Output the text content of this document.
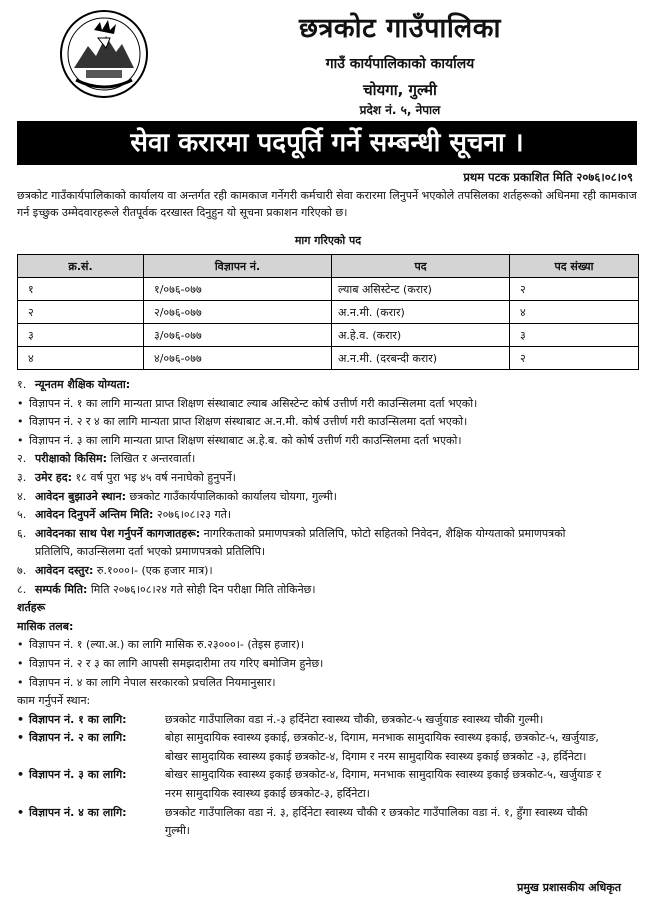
छत्रकोट गाउँपालिका
गाउँ कार्यपालिकाको कार्यालय
चोयगा, गुल्मी
प्रदेश नं. ५, नेपाल
सेवा करारमा पदपूर्ति गर्ने सम्बन्धी सूचना ।
प्रथम पटक प्रकाशित मिति २०७६।०८।०९
छत्रकोट गाउँकार्यपालिकाको कार्यालय वा अन्तर्गत रही कामकाज गर्नेगरी कर्मचारी सेवा करारमा लिनुपर्ने भएकोले तपसिलका शर्तहरूको अधिनमा रही कामकाज गर्न इच्छुक उम्मेदवारहरूले रीतपूर्वक दरखास्त दिनुहुन यो सूचना प्रकाशन गरिएको छ।
माग गरिएको पद
क्र.सं.	विज्ञापन नं.	पद	पद संख्या
१	१/०७६-०७७	ल्याब असिस्टेन्ट (करार)	२
२	२/०७६-०७७	अ.न.मी. (करार)	४
३	३/०७६-०७७	अ.हे.व. (करार)	३
४	४/०७६-०७७	अ.न.मी. (दरबन्दी करार)	२
१. न्यूनतम शैक्षिक योग्यता:
• विज्ञापन नं. १ का लागि मान्यता प्राप्त शिक्षण संस्थाबाट ल्याब असिस्टेन्ट कोर्ष उत्तीर्ण गरी काउन्सिलमा दर्ता भएको।
• विज्ञापन नं. २ र ४ का लागि मान्यता प्राप्त शिक्षण संस्थाबाट अ.न.मी. कोर्ष उत्तीर्ण गरी काउन्सिलमा दर्ता भएको।
• विज्ञापन नं. ३ का लागि मान्यता प्राप्त शिक्षण संस्थाबाट अ.हे.ब. को कोर्ष उत्तीर्ण गरी काउन्सिलमा दर्ता भएको।
२. परीक्षाको किसिम: लिखित र अन्तरवार्ता।
३. उमेर हद: १८ वर्ष पुरा भइ ४५ वर्ष ननाघेको हुनुपर्ने।
४. आवेदन बुझाउने स्थान: छत्रकोट गाउँकार्यपालिकाको कार्यालय चोयगा, गुल्मी।
५. आवेदन दिनुपर्ने अन्तिम मिति: २०७६।०८।२३ गते।
६. आवेदनका साथ पेश गर्नुपर्ने कागजातहरू: नागरिकताको प्रमाणपत्रको प्रतिलिपि, फोटो सहितको निवेदन, शैक्षिक योग्यताको प्रमाणपत्रको
प्रतिलिपि, काउन्सिलमा दर्ता भएको प्रमाणपत्रको प्रतिलिपि।
७. आवेदन दस्तुर: रु.१०००।- (एक हजार मात्र)।
८. सम्पर्क मिति: मिति २०७६।०८।२४ गते सोही दिन परीक्षा मिति तोकिनेछ।
शर्तहरू
मासिक तलब:
• विज्ञापन नं. १ (ल्या.अ.) का लागि मासिक रु.२३०००।- (तेइस हजार)।
• विज्ञापन नं. २ र ३ का लागि आपसी समझदारीमा तय गरिए बमोजिम हुनेछ।
• विज्ञापन नं. ४ का लागि नेपाल सरकारको प्रचलित नियमानुसार।
काम गर्नुपर्ने स्थान:
• विज्ञापन नं. १ का लागि:	छत्रकोट गाउँपालिका वडा नं.-३ हर्दिनेटा स्वास्थ्य चौकी, छत्रकोट-५ खर्जुयाङ स्वास्थ्य चौकी गुल्मी।
• विज्ञापन नं. २ का लागि:	बोहा सामुदायिक स्वास्थ्य इकाई, छत्रकोट-४, दिगाम, मनभाक सामुदायिक स्वास्थ्य इकाई, छत्रकोट-५, खर्जुयाङ,
बोखर सामुदायिक स्वास्थ्य इकाई छत्रकोट-४, दिगाम र नरम सामुदायिक स्वास्थ्य इकाई छत्रकोट -३, हर्दिनेटा।
• विज्ञापन नं. ३ का लागि:	बोखर सामुदायिक स्वास्थ्य इकाई छत्रकोट-४, दिगाम, मनभाक सामुदायिक स्वास्थ्य इकाई छत्रकोट-५, खर्जुयाङ र
नरम सामुदायिक स्वास्थ्य इकाई छत्रकोट-३, हर्दिनेटा।
• विज्ञापन नं. ४ का लागि:	छत्रकोट गाउँपालिका वडा नं. ३, हर्दिनेटा स्वास्थ्य चौकी र छत्रकोट गाउँपालिका वडा नं. १, हुँगा स्वास्थ्य चौकी
गुल्मी।
प्रमुख प्रशासकीय अधिकृत
